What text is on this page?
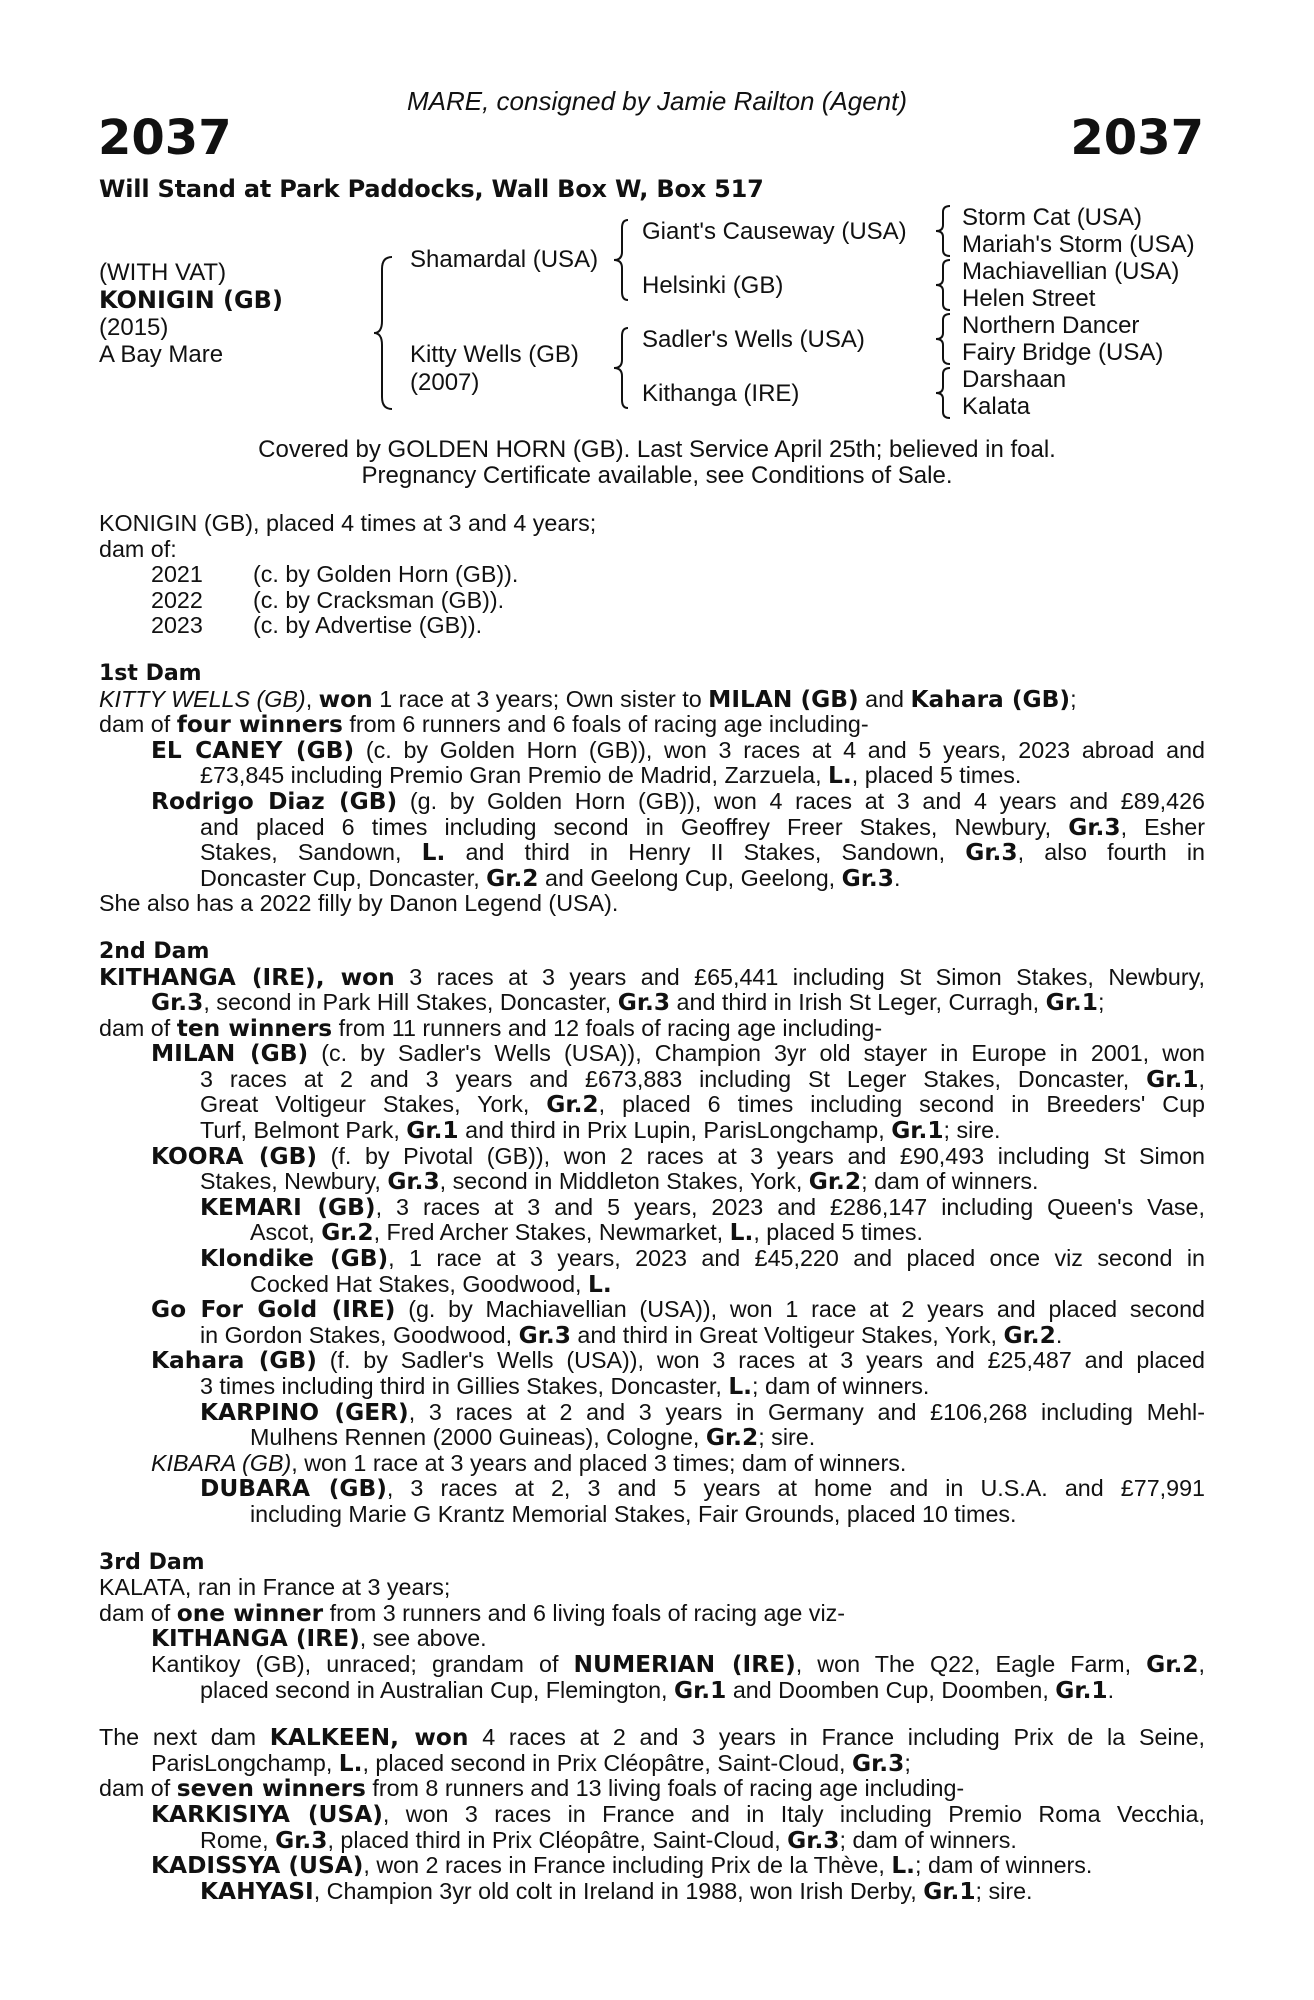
MARE, consigned by Jamie Railton (Agent)
2037	2037
Will Stand at Park Paddocks, Wall Box W, Box 517
(WITH VAT)
KONIGIN (GB)
(2015)
A Bay Mare
Shamardal (USA)
Kitty Wells (GB)
(2007)
Giant's Causeway (USA)
Helsinki (GB)
Sadler's Wells (USA)
Kithanga (IRE)
Storm Cat (USA)
Mariah's Storm (USA)
Machiavellian (USA)
Helen Street
Northern Dancer
Fairy Bridge (USA)
Darshaan
Kalata
Covered by GOLDEN HORN (GB). Last Service April 25th; believed in foal.
Pregnancy Certificate available, see Conditions of Sale.
KONIGIN (GB), placed 4 times at 3 and 4 years;
dam of:
2021 (c. by Golden Horn (GB)).
2022 (c. by Cracksman (GB)).
2023 (c. by Advertise (GB)).
1st Dam
KITTY WELLS (GB), won 1 race at 3 years; Own sister to MILAN (GB) and Kahara (GB);
dam of four winners from 6 runners and 6 foals of racing age including-
EL CANEY (GB) (c. by Golden Horn (GB)), won 3 races at 4 and 5 years, 2023 abroad and
£73,845 including Premio Gran Premio de Madrid, Zarzuela, L., placed 5 times.
Rodrigo Diaz (GB) (g. by Golden Horn (GB)), won 4 races at 3 and 4 years and £89,426
and placed 6 times including second in Geoffrey Freer Stakes, Newbury, Gr.3, Esher
Stakes, Sandown, L. and third in Henry II Stakes, Sandown, Gr.3, also fourth in
Doncaster Cup, Doncaster, Gr.2 and Geelong Cup, Geelong, Gr.3.
She also has a 2022 filly by Danon Legend (USA).
2nd Dam
KITHANGA (IRE), won 3 races at 3 years and £65,441 including St Simon Stakes, Newbury,
Gr.3, second in Park Hill Stakes, Doncaster, Gr.3 and third in Irish St Leger, Curragh, Gr.1;
dam of ten winners from 11 runners and 12 foals of racing age including-
MILAN (GB) (c. by Sadler's Wells (USA)), Champion 3yr old stayer in Europe in 2001, won
3 races at 2 and 3 years and £673,883 including St Leger Stakes, Doncaster, Gr.1,
Great Voltigeur Stakes, York, Gr.2, placed 6 times including second in Breeders' Cup
Turf, Belmont Park, Gr.1 and third in Prix Lupin, ParisLongchamp, Gr.1; sire.
KOORA (GB) (f. by Pivotal (GB)), won 2 races at 3 years and £90,493 including St Simon
Stakes, Newbury, Gr.3, second in Middleton Stakes, York, Gr.2; dam of winners.
KEMARI (GB), 3 races at 3 and 5 years, 2023 and £286,147 including Queen's Vase,
Ascot, Gr.2, Fred Archer Stakes, Newmarket, L., placed 5 times.
Klondike (GB), 1 race at 3 years, 2023 and £45,220 and placed once viz second in
Cocked Hat Stakes, Goodwood, L.
Go For Gold (IRE) (g. by Machiavellian (USA)), won 1 race at 2 years and placed second
in Gordon Stakes, Goodwood, Gr.3 and third in Great Voltigeur Stakes, York, Gr.2.
Kahara (GB) (f. by Sadler's Wells (USA)), won 3 races at 3 years and £25,487 and placed
3 times including third in Gillies Stakes, Doncaster, L.; dam of winners.
KARPINO (GER), 3 races at 2 and 3 years in Germany and £106,268 including Mehl-
Mulhens Rennen (2000 Guineas), Cologne, Gr.2; sire.
KIBARA (GB), won 1 race at 3 years and placed 3 times; dam of winners.
DUBARA (GB), 3 races at 2, 3 and 5 years at home and in U.S.A. and £77,991
including Marie G Krantz Memorial Stakes, Fair Grounds, placed 10 times.
3rd Dam
KALATA, ran in France at 3 years;
dam of one winner from 3 runners and 6 living foals of racing age viz-
KITHANGA (IRE), see above.
Kantikoy (GB), unraced; grandam of NUMERIAN (IRE), won The Q22, Eagle Farm, Gr.2,
placed second in Australian Cup, Flemington, Gr.1 and Doomben Cup, Doomben, Gr.1.
The next dam KALKEEN, won 4 races at 2 and 3 years in France including Prix de la Seine,
ParisLongchamp, L., placed second in Prix Cléopâtre, Saint-Cloud, Gr.3;
dam of seven winners from 8 runners and 13 living foals of racing age including-
KARKISIYA (USA), won 3 races in France and in Italy including Premio Roma Vecchia,
Rome, Gr.3, placed third in Prix Cléopâtre, Saint-Cloud, Gr.3; dam of winners.
KADISSYA (USA), won 2 races in France including Prix de la Thève, L.; dam of winners.
KAHYASI, Champion 3yr old colt in Ireland in 1988, won Irish Derby, Gr.1; sire.
